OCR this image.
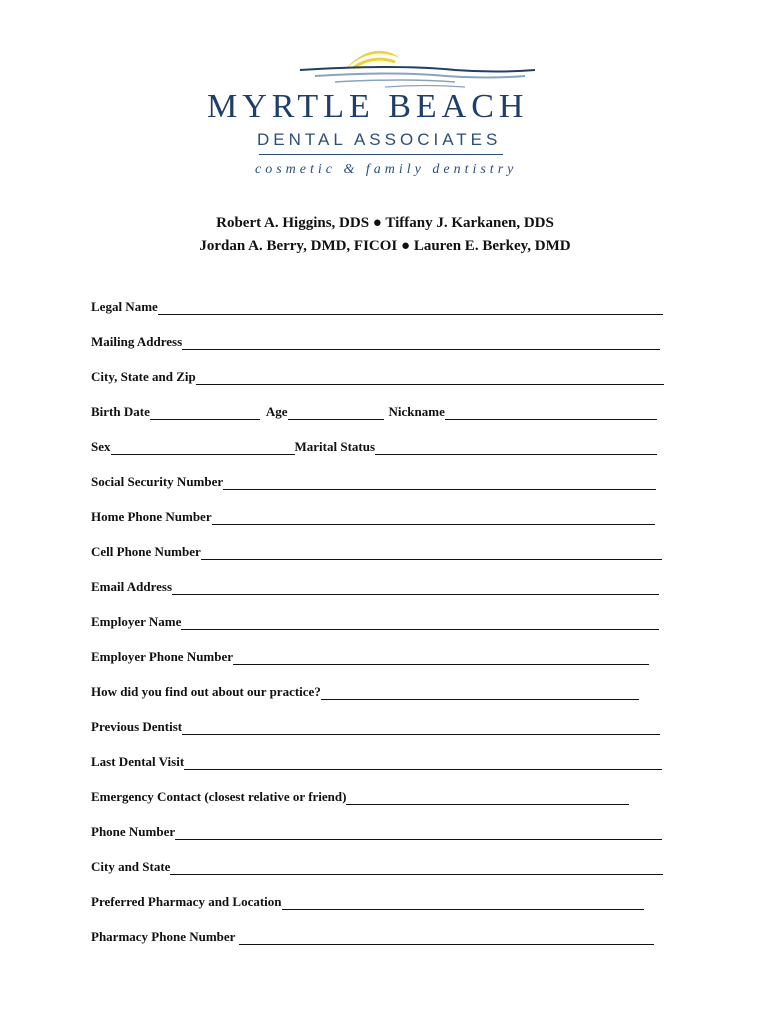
MYRTLE BEACH
DENTAL ASSOCIATES
cosmetic & family dentistry
Robert A. Higgins, DDS ● Tiffany J. Karkanen, DDS
Jordan A. Berry, DMD, FICOI ● Lauren E. Berkey, DMD
Legal Name
Mailing Address
City, State and Zip
Birth Date	Age	Nickname
Sex	Marital Status
Social Security Number
Home Phone Number
Cell Phone Number
Email Address
Employer Name
Employer Phone Number
How did you find out about our practice?
Previous Dentist
Last Dental Visit
Emergency Contact (closest relative or friend)
Phone Number
City and State
Preferred Pharmacy and Location
Pharmacy Phone Number
